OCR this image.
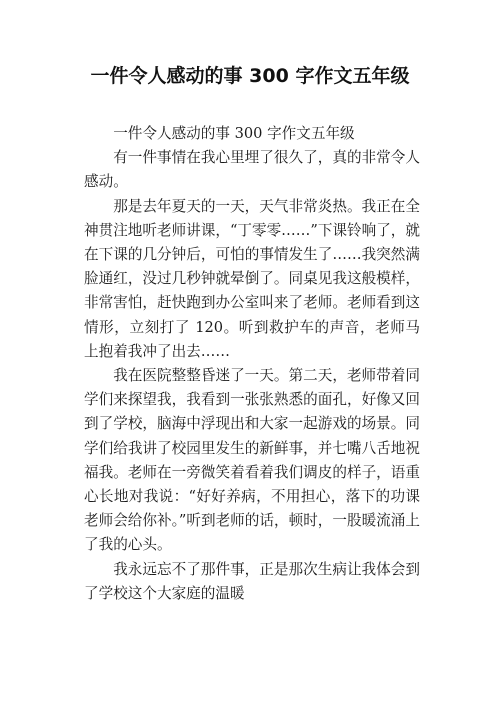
一件令人感动的事 300 字作文五年级

一件令人感动的事 300 字作文五年级

有一件事情在我心里埋了很久了，真的非常令人感动。

那是去年夏天的一天，天气非常炎热。我正在全神贯注地听老师讲课，“丁零零……”下课铃响了，就在下课的几分钟后，可怕的事情发生了……我突然满脸通红，没过几秒钟就晕倒了。同桌见我这般模样，非常害怕，赶快跑到办公室叫来了老师。老师看到这情形，立刻打了 120。听到救护车的声音，老师马上抱着我冲了出去……

我在医院整整昏迷了一天。第二天，老师带着同学们来探望我，我看到一张张熟悉的面孔，好像又回到了学校，脑海中浮现出和大家一起游戏的场景。同学们给我讲了校园里发生的新鲜事，并七嘴八舌地祝福我。老师在一旁微笑着看着我们调皮的样子，语重心长地对我说：“好好养病，不用担心，落下的功课老师会给你补。”听到老师的话，顿时，一股暖流涌上了我的心头。

我永远忘不了那件事，正是那次生病让我体会到了学校这个大家庭的温暖
